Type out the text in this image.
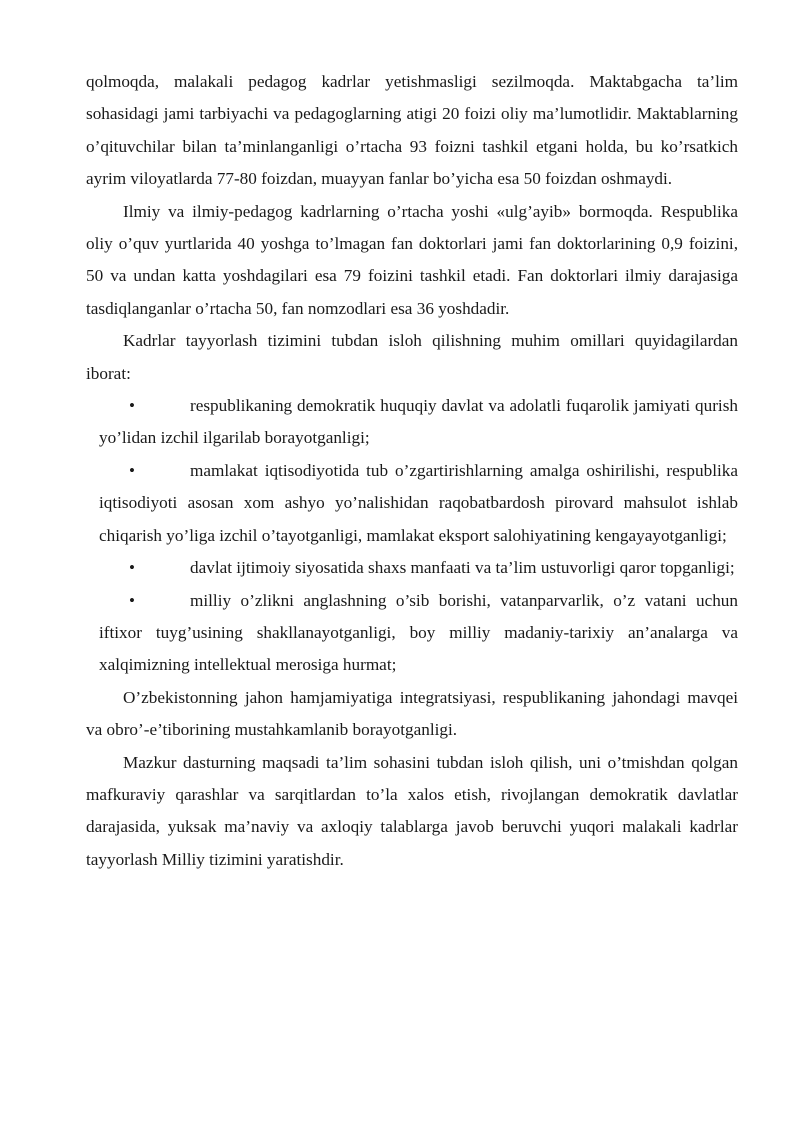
qolmoqda, malakali pedagog kadrlar yetishmasligi sezilmoqda. Maktabgacha ta’lim sohasidagi jami tarbiyachi va pedagoglarning atigi 20 foizi oliy ma’lumotlidir. Maktablarning o’qituvchilar bilan ta’minlanganligi o’rtacha 93 foizni tashkil etgani holda, bu ko’rsatkich ayrim viloyatlarda 77-80 foizdan, muayyan fanlar bo’yicha esa 50 foizdan oshmaydi.

Ilmiy va ilmiy-pedagog kadrlarning o’rtacha yoshi «ulg’ayib» bormoqda. Respublika oliy o’quv yurtlarida 40 yoshga to’lmagan fan doktorlari jami fan doktorlarining 0,9 foizini, 50 va undan katta yoshdagilari esa 79 foizini tashkil etadi. Fan doktorlari ilmiy darajasiga tasdiqlanganlar o’rtacha 50, fan nomzodlari esa 36 yoshdadir.

Kadrlar tayyorlash tizimini tubdan isloh qilishning muhim omillari quyidagilardan iborat:

•	respublikaning demokratik huquqiy davlat va adolatli fuqarolik jamiyati qurish yo’lidan izchil ilgarilab borayotganligi;
•	mamlakat iqtisodiyotida tub o’zgartirishlarning amalga oshirilishi, respublika iqtisodiyoti asosan xom ashyo yo’nalishidan raqobatbardosh pirovard mahsulot ishlab chiqarish yo’liga izchil o’tayotganligi, mamlakat eksport salohiyatining kengayayotganligi;
•	davlat ijtimoiy siyosatida shaxs manfaati va ta’lim ustuvorligi qaror topganligi;
•	milliy o’zlikni anglashning o’sib borishi, vatanparvarlik, o’z vatani uchun iftixor tuyg’usining shakllanayotganligi, boy milliy madaniy-tarixiy an’analarga va xalqimizning intellektual merosiga hurmat;

O’zbekistonning jahon hamjamiyatiga integratsiyasi, respublikaning jahondagi mavqei va obro’-e’tiborining mustahkamlanib borayotganligi.

Mazkur dasturning maqsadi ta’lim sohasini tubdan isloh qilish, uni o’tmishdan qolgan mafkuraviy qarashlar va sarqitlardan to’la xalos etish, rivojlangan demokratik davlatlar darajasida, yuksak ma’naviy va axloqiy talablarga javob beruvchi yuqori malakali kadrlar tayyorlash Milliy tizimini yaratishdir.
